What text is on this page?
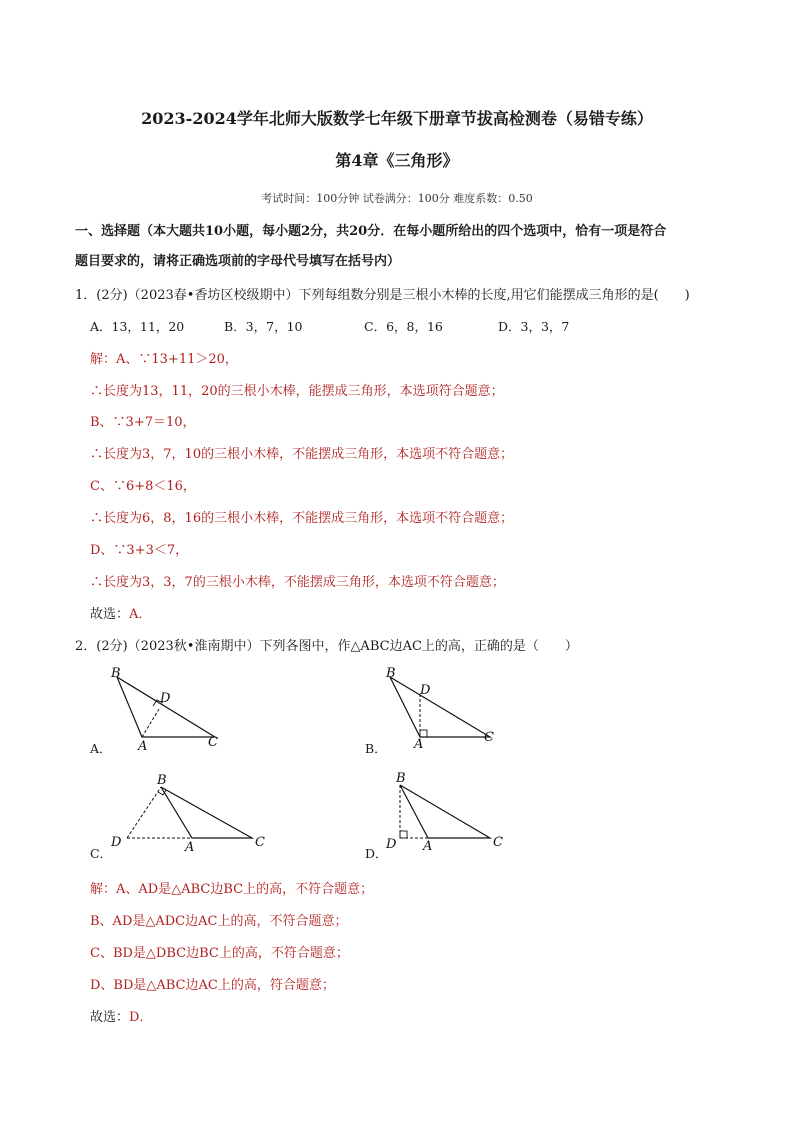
2023-2024学年北师大版数学七年级下册章节拔高检测卷（易错专练）
第4章《三角形》
考试时间：100分钟 试卷满分：100分 难度系数：0.50
一、选择题（本大题共10小题，每小题2分，共20分．在每小题所给出的四个选项中，恰有一项是符合
题目要求的，请将正确选项前的字母代号填写在括号内）
1．(2分)（2023春•香坊区校级期中）下列每组数分别是三根小木棒的长度,用它们能摆成三角形的是(　　)
A．13，11，20	B．3，7，10	C．6，8，16	D．3，3，7
解：A、∵13+11＞20，
∴长度为13，11，20的三根小木棒，能摆成三角形，本选项符合题意；
B、∵3+7＝10，
∴长度为3，7，10的三根小木棒，不能摆成三角形，本选项不符合题意；
C、∵6+8＜16，
∴长度为6，8，16的三根小木棒，不能摆成三角形，本选项不符合题意；
D、∵3+3＜7，
∴长度为3，3，7的三根小木棒，不能摆成三角形，本选项不符合题意；
故选：A．
2．(2分)（2023秋•淮南期中）下列各图中，作△ABC边AC上的高，正确的是（　　）
B
D
A	C
A．
B
D
A	C
B．
B
D	A	C
C．
B
D A	C
D．
解：A、AD是△ABC边BC上的高，不符合题意；
B、AD是△ADC边AC上的高，不符合题意；
C、BD是△DBC边BC上的高，不符合题意；
D、BD是△ABC边AC上的高，符合题意；
故选：D．
